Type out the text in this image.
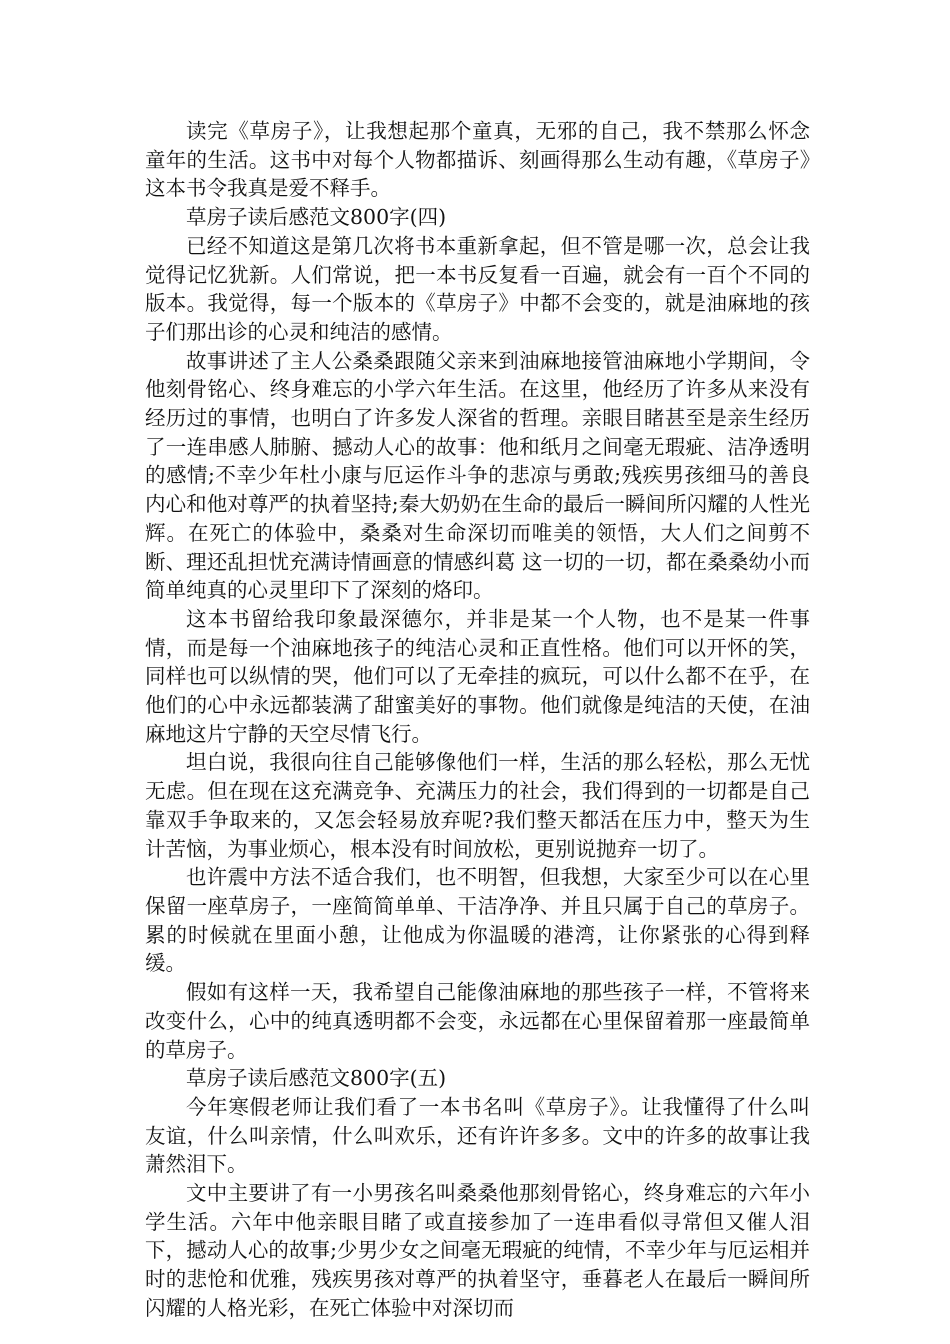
读完《草房子》，让我想起那个童真，无邪的自己，我不禁那么怀念童年的生活。这书中对每个人物都描诉、刻画得那么生动有趣，《草房子》这本书令我真是爱不释手。

草房子读后感范文800字(四)

已经不知道这是第几次将书本重新拿起，但不管是哪一次，总会让我觉得记忆犹新。人们常说，把一本书反复看一百遍，就会有一百个不同的版本。我觉得，每一个版本的《草房子》中都不会变的，就是油麻地的孩子们那出诊的心灵和纯洁的感情。

故事讲述了主人公桑桑跟随父亲来到油麻地接管油麻地小学期间，令他刻骨铭心、终身难忘的小学六年生活。在这里，他经历了许多从来没有经历过的事情，也明白了许多发人深省的哲理。亲眼目睹甚至是亲生经历了一连串感人肺腑、撼动人心的故事：他和纸月之间毫无瑕疵、洁净透明的感情;不幸少年杜小康与厄运作斗争的悲凉与勇敢;残疾男孩细马的善良内心和他对尊严的执着坚持;秦大奶奶在生命的最后一瞬间所闪耀的人性光辉。在死亡的体验中，桑桑对生命深切而唯美的领悟，大人们之间剪不断、理还乱担忧充满诗情画意的情感纠葛 这一切的一切，都在桑桑幼小而简单纯真的心灵里印下了深刻的烙印。

这本书留给我印象最深德尔，并非是某一个人物，也不是某一件事情，而是每一个油麻地孩子的纯洁心灵和正直性格。他们可以开怀的笑，同样也可以纵情的哭，他们可以了无牵挂的疯玩，可以什么都不在乎，在他们的心中永远都装满了甜蜜美好的事物。他们就像是纯洁的天使，在油麻地这片宁静的天空尽情飞行。

坦白说，我很向往自己能够像他们一样，生活的那么轻松，那么无忧无虑。但在现在这充满竞争、充满压力的社会，我们得到的一切都是自己靠双手争取来的，又怎会轻易放弃呢?我们整天都活在压力中，整天为生计苦恼，为事业烦心，根本没有时间放松，更别说抛弃一切了。

也许震中方法不适合我们，也不明智，但我想，大家至少可以在心里保留一座草房子，一座简简单单、干洁净净、并且只属于自己的草房子。累的时候就在里面小憩，让他成为你温暖的港湾，让你紧张的心得到释缓。

假如有这样一天，我希望自己能像油麻地的那些孩子一样，不管将来改变什么，心中的纯真透明都不会变，永远都在心里保留着那一座最简单的草房子。

草房子读后感范文800字(五)

今年寒假老师让我们看了一本书名叫《草房子》。让我懂得了什么叫友谊，什么叫亲情，什么叫欢乐，还有许许多多。文中的许多的故事让我萧然泪下。

文中主要讲了有一小男孩名叫桑桑他那刻骨铭心，终身难忘的六年小学生活。六年中他亲眼目睹了或直接参加了一连串看似寻常但又催人泪下，撼动人心的故事;少男少女之间毫无瑕疵的纯情，不幸少年与厄运相并时的悲怆和优雅，残疾男孩对尊严的执着坚守，垂暮老人在最后一瞬间所闪耀的人格光彩，在死亡体验中对深切而
